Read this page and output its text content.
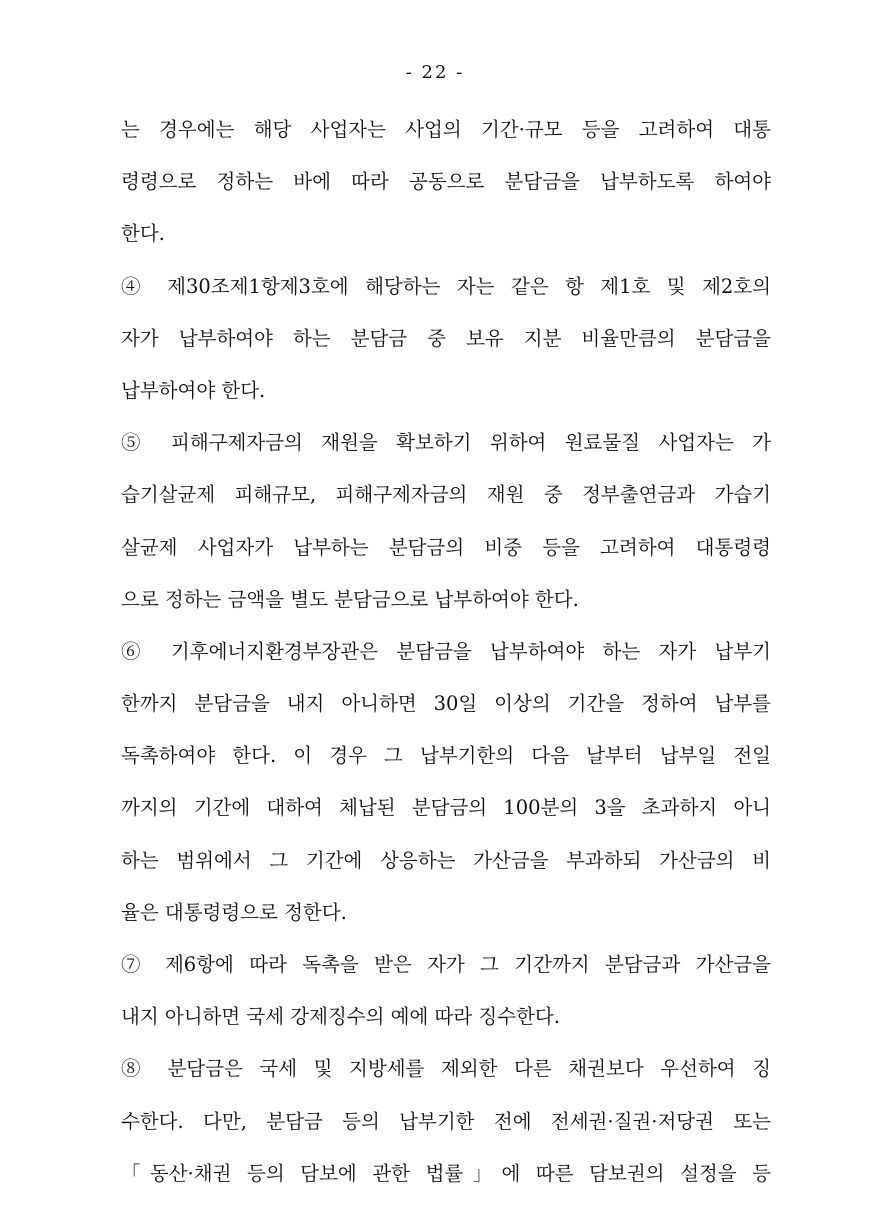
- 22 -
는 경우에는 해당 사업자는 사업의 기간·규모 등을 고려하여 대통
령령으로 정하는 바에 따라 공동으로 분담금을 납부하도록 하여야
한다.
④ 제30조제1항제3호에 해당하는 자는 같은 항 제1호 및 제2호의
자가 납부하여야 하는 분담금 중 보유 지분 비율만큼의 분담금을
납부하여야 한다.
⑤ 피해구제자금의 재원을 확보하기 위하여 원료물질 사업자는 가
습기살균제 피해규모, 피해구제자금의 재원 중 정부출연금과 가습기
살균제 사업자가 납부하는 분담금의 비중 등을 고려하여 대통령령
으로 정하는 금액을 별도 분담금으로 납부하여야 한다.
⑥ 기후에너지환경부장관은 분담금을 납부하여야 하는 자가 납부기
한까지 분담금을 내지 아니하면 30일 이상의 기간을 정하여 납부를
독촉하여야 한다. 이 경우 그 납부기한의 다음 날부터 납부일 전일
까지의 기간에 대하여 체납된 분담금의 100분의 3을 초과하지 아니
하는 범위에서 그 기간에 상응하는 가산금을 부과하되 가산금의 비
율은 대통령령으로 정한다.
⑦ 제6항에 따라 독촉을 받은 자가 그 기간까지 분담금과 가산금을
내지 아니하면 국세 강제징수의 예에 따라 징수한다.
⑧ 분담금은 국세 및 지방세를 제외한 다른 채권보다 우선하여 징
수한다. 다만, 분담금 등의 납부기한 전에 전세권·질권·저당권 또는
「동산·채권 등의 담보에 관한 법률」에 따른 담보권의 설정을 등
